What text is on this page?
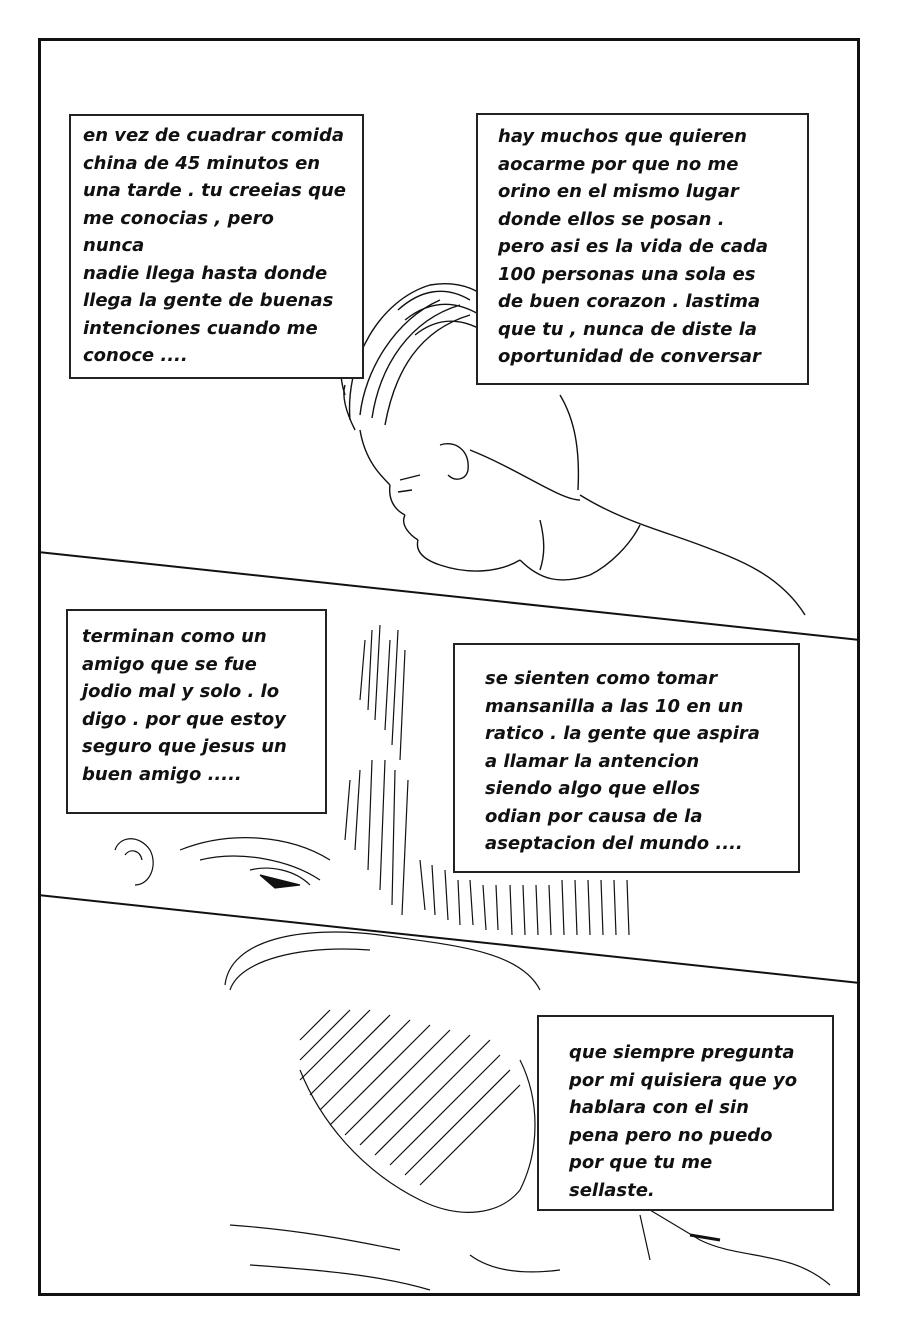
en vez de cuadrar comida
china de 45 minutos en
una tarde . tu creeias que
me conocias , pero
nunca
nadie llega hasta donde
llega la gente de buenas
intenciones cuando me
conoce ....
hay muchos que quieren
aocarme por que no me
orino en el mismo lugar
donde ellos se posan .
pero asi es la vida de cada
100 personas una sola es
de buen corazon . lastima
que tu , nunca de diste la
oportunidad de conversar
terminan como un
amigo que se fue
jodio mal y solo . lo
digo . por que estoy
seguro que jesus un
buen amigo .....
se sienten como tomar
mansanilla a las 10 en un
ratico . la gente que aspira
a llamar la antencion
siendo algo que ellos
odian por causa de la
aseptacion del mundo ....
que siempre pregunta
por mi quisiera que yo
hablara con el sin
pena pero no puedo
por que tu me
sellaste.
